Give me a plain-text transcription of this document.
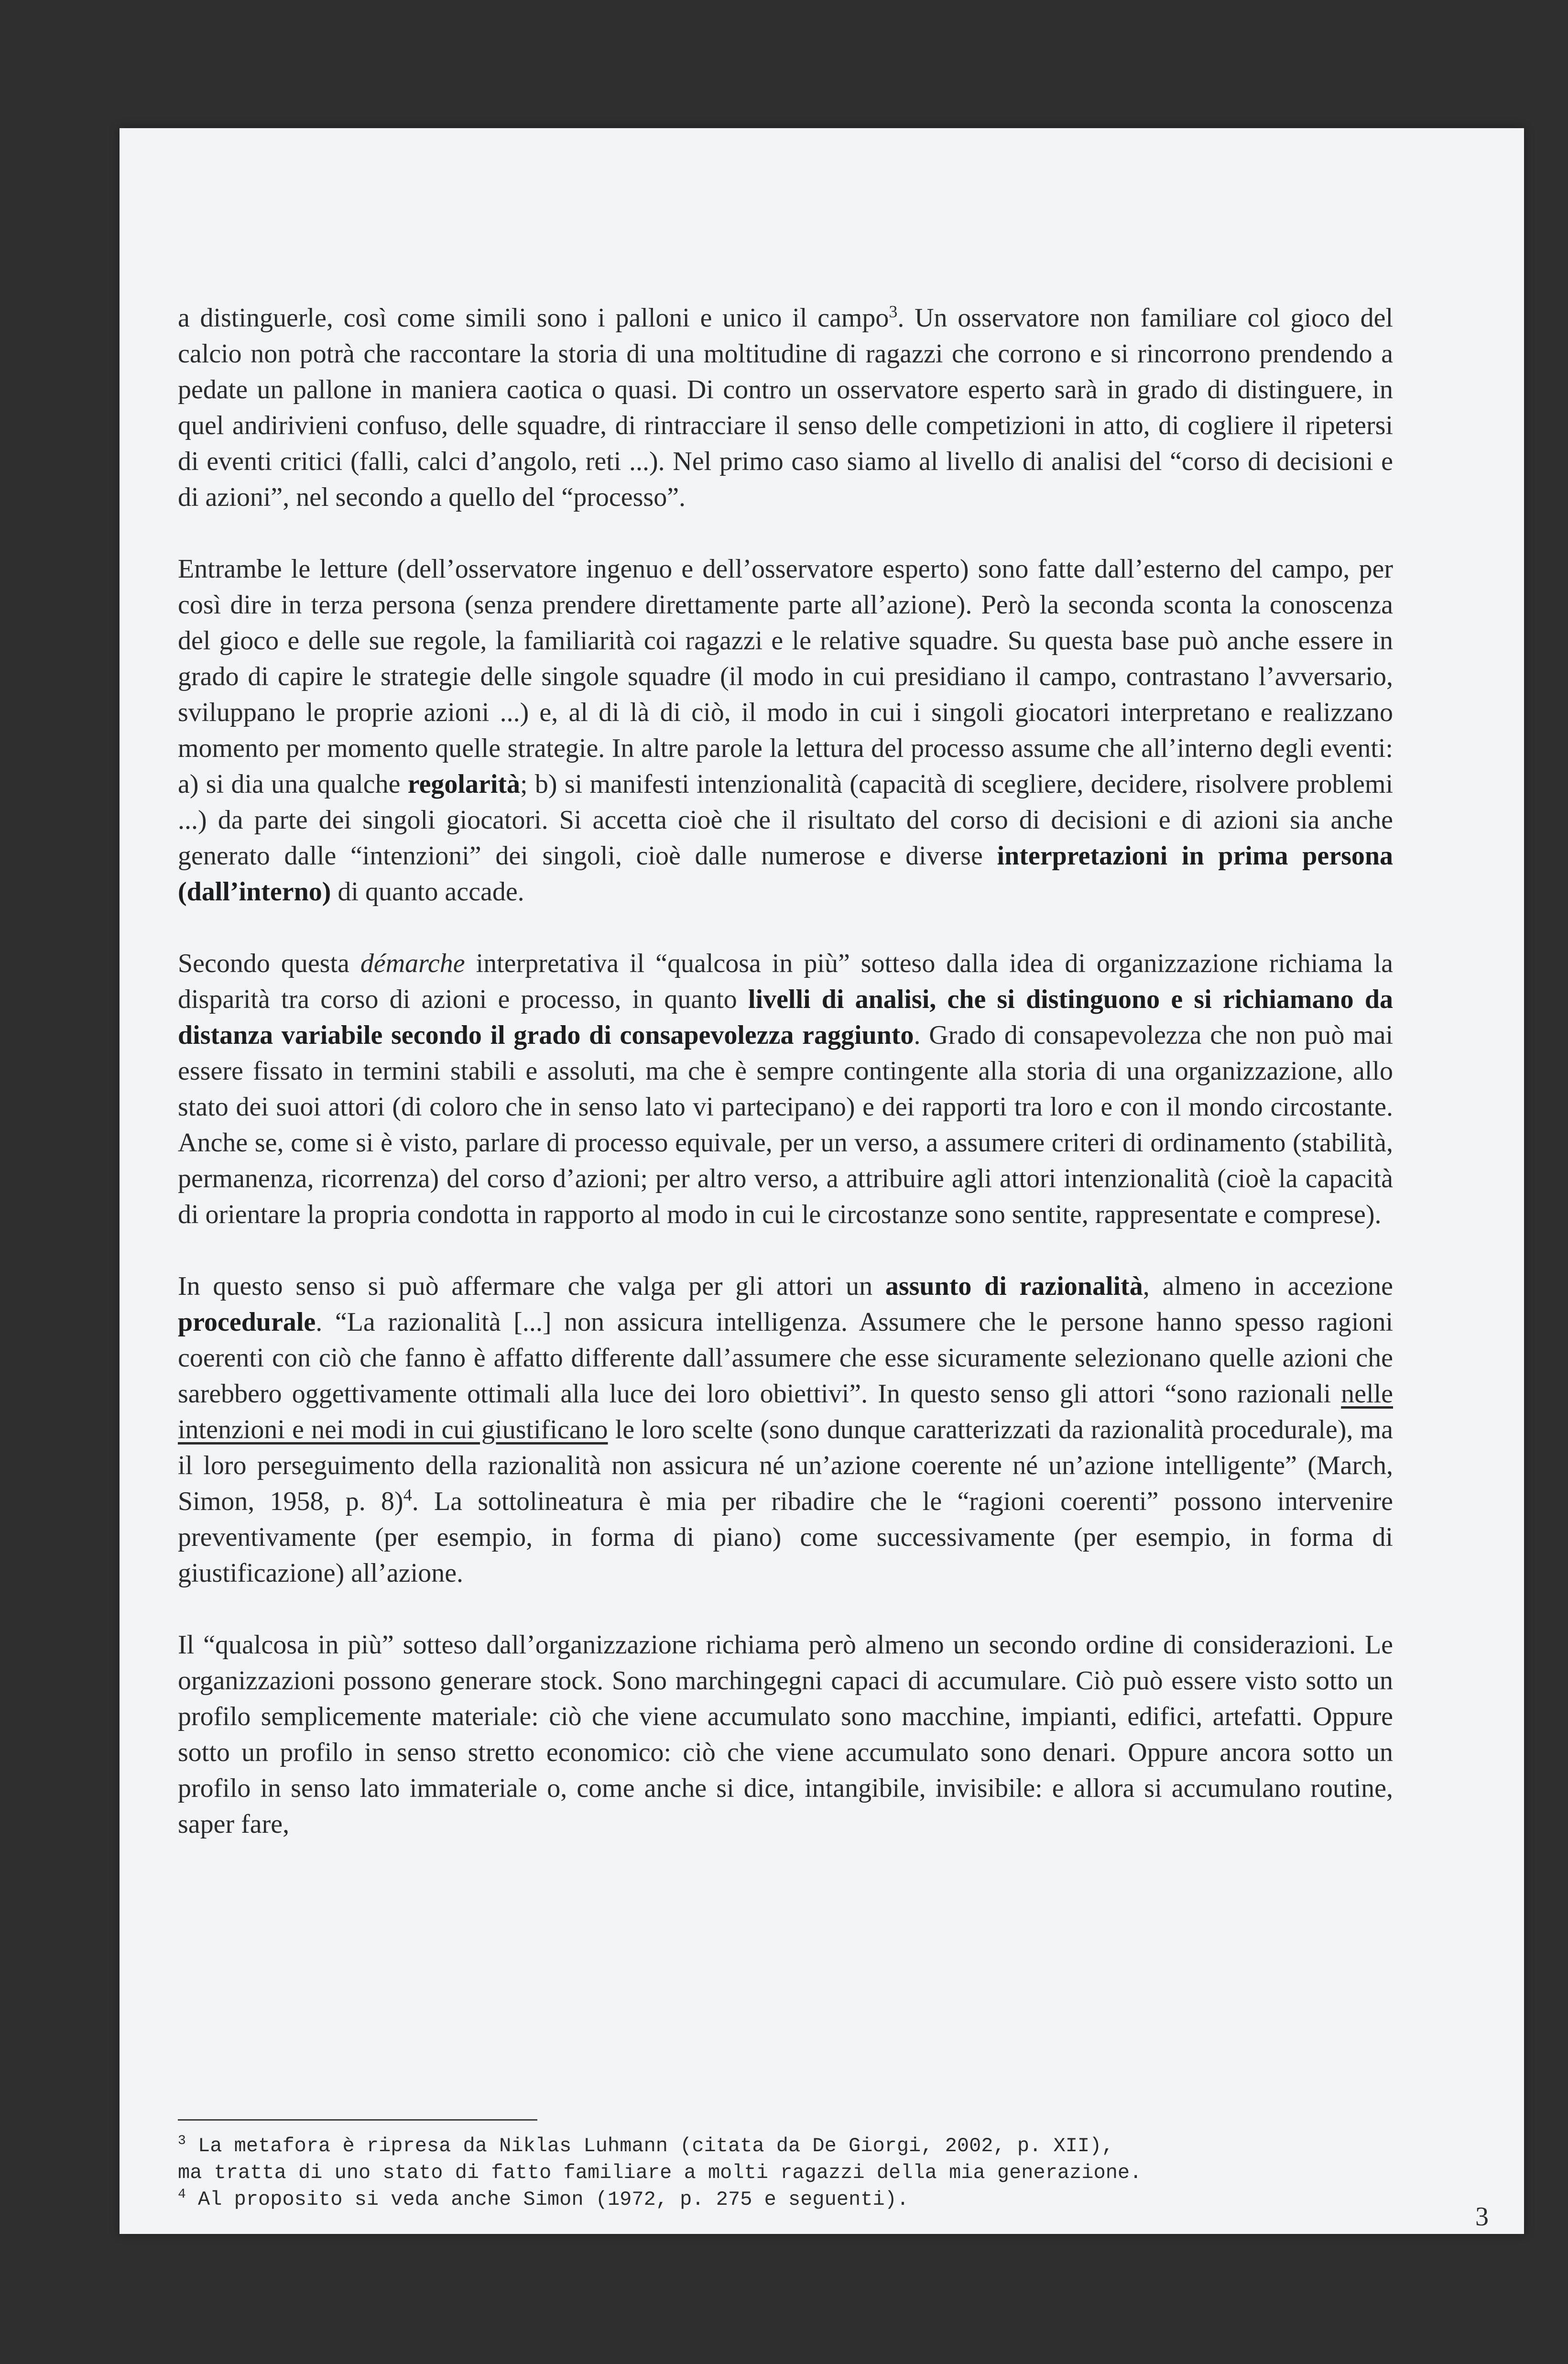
a distinguerle, così come simili sono i palloni e unico il campo$^3$. Un osservatore non familiare col gioco del calcio non potrà che raccontare la storia di una moltitudine di ragazzi che corrono e si rincorrono prendendo a pedate un pallone in maniera caotica o quasi. Di contro un osservatore esperto sarà in grado di distinguere, in quel andirivieni confuso, delle squadre, di rintracciare il senso delle competizioni in atto, di cogliere il ripetersi di eventi critici (falli, calci d’angolo, reti ...). Nel primo caso siamo al livello di analisi del “corso di decisioni e di azioni”, nel secondo a quello del “processo”.

Entrambe le letture (dell’osservatore ingenuo e dell’osservatore esperto) sono fatte dall’esterno del campo, per così dire in terza persona (senza prendere direttamente parte all’azione). Però la seconda sconta la conoscenza del gioco e delle sue regole, la familiarità coi ragazzi e le relative squadre. Su questa base può anche essere in grado di capire le strategie delle singole squadre (il modo in cui presidiano il campo, contrastano l’avversario, sviluppano le proprie azioni ...) e, al di là di ciò, il modo in cui i singoli giocatori interpretano e realizzano momento per momento quelle strategie. In altre parole la lettura del processo assume che all’interno degli eventi: a) si dia una qualche regolarità; b) si manifesti intenzionalità (capacità di scegliere, decidere, risolvere problemi ...) da parte dei singoli giocatori. Si accetta cioè che il risultato del corso di decisioni e di azioni sia anche generato dalle “intenzioni” dei singoli, cioè dalle numerose e diverse interpretazioni in prima persona (dall’interno) di quanto accade.

Secondo questa démarche interpretativa il “qualcosa in più” sotteso dalla idea di organizzazione richiama la disparità tra corso di azioni e processo, in quanto livelli di analisi, che si distinguono e si richiamano da distanza variabile secondo il grado di consapevolezza raggiunto. Grado di consapevolezza che non può mai essere fissato in termini stabili e assoluti, ma che è sempre contingente alla storia di una organizzazione, allo stato dei suoi attori (di coloro che in senso lato vi partecipano) e dei rapporti tra loro e con il mondo circostante. Anche se, come si è visto, parlare di processo equivale, per un verso, a assumere criteri di ordinamento (stabilità, permanenza, ricorrenza) del corso d’azioni; per altro verso, a attribuire agli attori intenzionalità (cioè la capacità di orientare la propria condotta in rapporto al modo in cui le circostanze sono sentite, rappresentate e comprese).

In questo senso si può affermare che valga per gli attori un assunto di razionalità, almeno in accezione procedurale. “La razionalità [...] non assicura intelligenza. Assumere che le persone hanno spesso ragioni coerenti con ciò che fanno è affatto differente dall’assumere che esse sicuramente selezionano quelle azioni che sarebbero oggettivamente ottimali alla luce dei loro obiettivi”. In questo senso gli attori “sono razionali nelle intenzioni e nei modi in cui giustificano le loro scelte (sono dunque caratterizzati da razionalità procedurale), ma il loro perseguimento della razionalità non assicura né un’azione coerente né un’azione intelligente” (March, Simon, 1958, p. 8)$^4$. La sottolineatura è mia per ribadire che le “ragioni coerenti” possono intervenire preventivamente (per esempio, in forma di piano) come successivamente (per esempio, in forma di giustificazione) all’azione.

Il “qualcosa in più” sotteso dall’organizzazione richiama però almeno un secondo ordine di considerazioni. Le organizzazioni possono generare stock. Sono marchingegni capaci di accumulare. Ciò può essere visto sotto un profilo semplicemente materiale: ciò che viene accumulato sono macchine, impianti, edifici, artefatti. Oppure sotto un profilo in senso stretto economico: ciò che viene accumulato sono denari. Oppure ancora sotto un profilo in senso lato immateriale o, come anche si dice, intangibile, invisibile: e allora si accumulano routine, saper fare,

$^3$ La metafora è ripresa da Niklas Luhmann (citata da De Giorgi, 2002, p. XII),
ma tratta di uno stato di fatto familiare a molti ragazzi della mia generazione.
$^4$ Al proposito si veda anche Simon (1972, p. 275 e seguenti).
3
